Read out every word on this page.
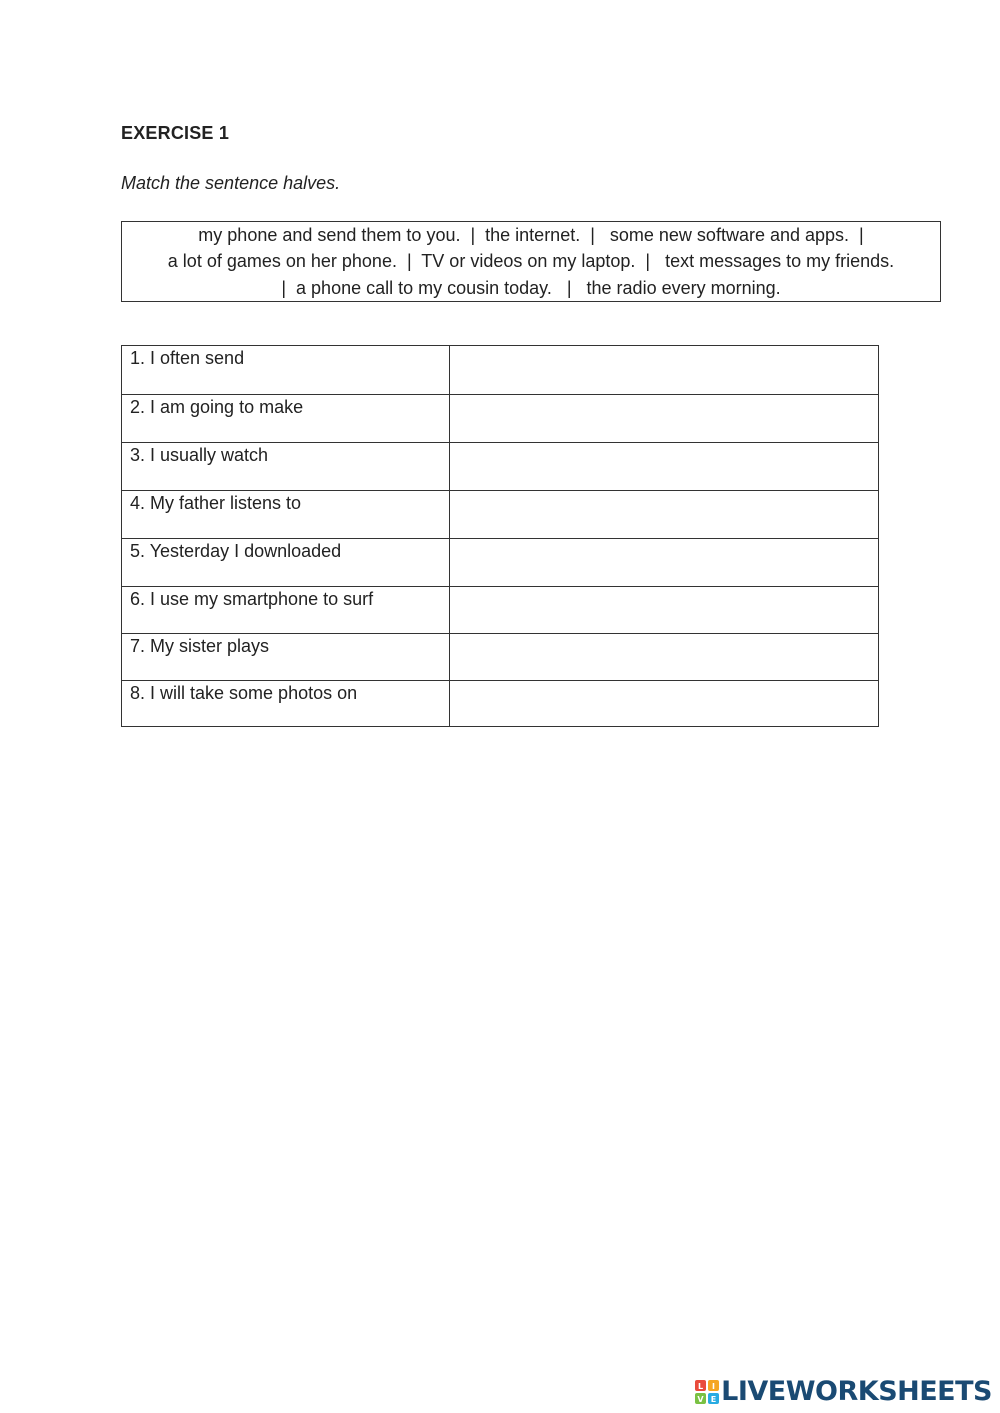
EXERCISE 1
Match the sentence halves.
my phone and send them to you.  |  the internet.  |   some new software and apps.  |
a lot of games on her phone.  |  TV or videos on my laptop.  |   text messages to my friends.
|  a phone call to my cousin today.   |   the radio every morning.
1. I often send	
2. I am going to make	
3. I usually watch	
4. My father listens to	
5. Yesterday I downloaded	
6. I use my smartphone to surf	
7. My sister plays	
8. I will take some photos on	
L I
V E LIVEWORKSHEETS
